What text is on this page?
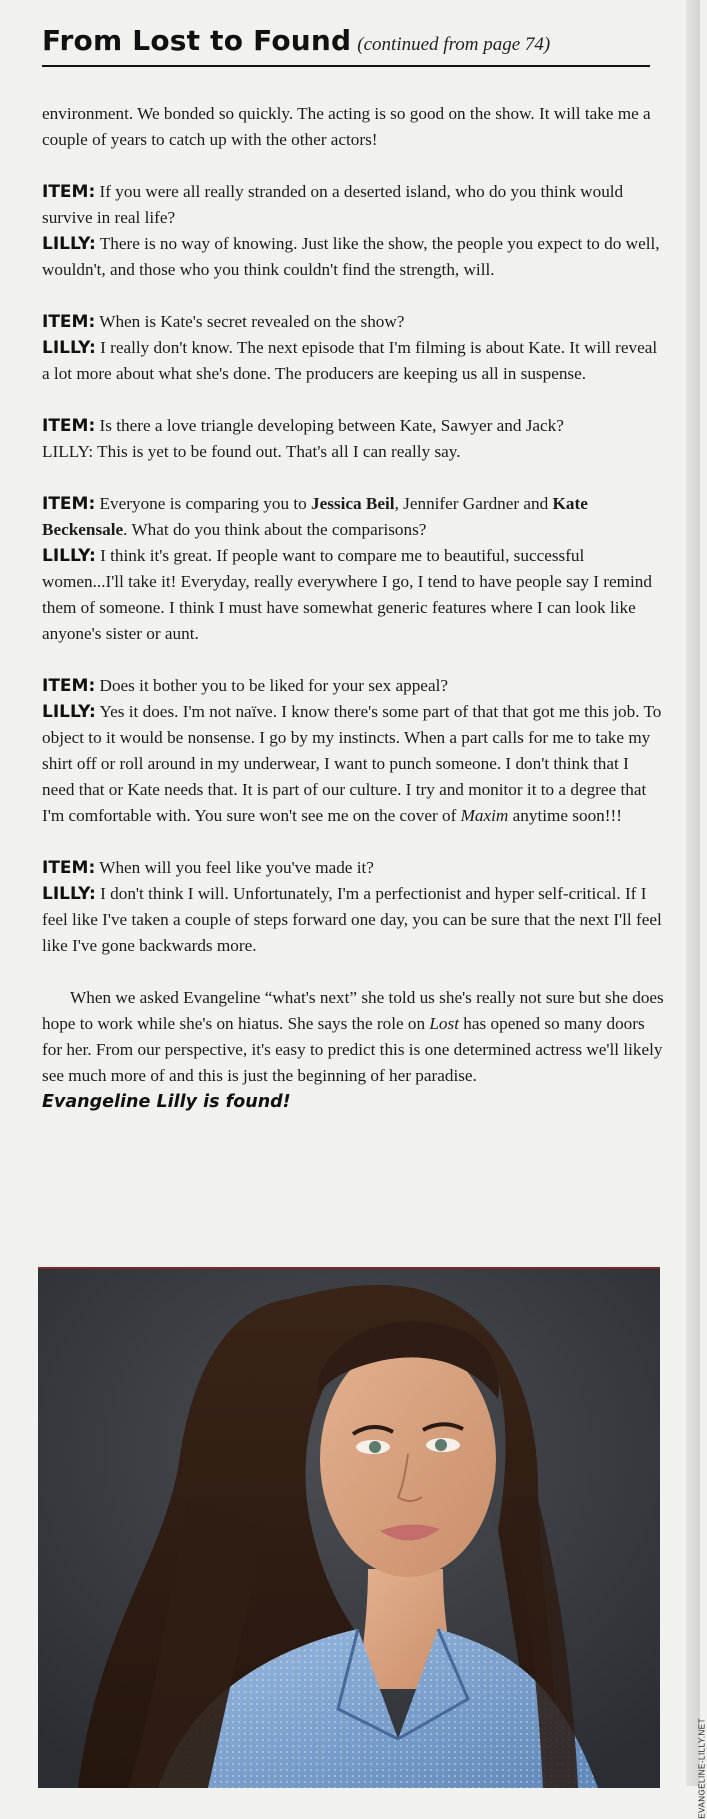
From Lost to Found (continued from page 74)

environment. We bonded so quickly. The acting is so good on the show. It will take me a couple of years to catch up with the other actors!

ITEM: If you were all really stranded on a deserted island, who do you think would survive in real life?

LILLY: There is no way of knowing. Just like the show, the people you expect to do well, wouldn't, and those who you think couldn't find the strength, will.

ITEM: When is Kate's secret revealed on the show?

LILLY: I really don't know. The next episode that I'm filming is about Kate. It will reveal a lot more about what she's done. The producers are keeping us all in suspense.

ITEM: Is there a love triangle developing between Kate, Sawyer and Jack?

LILLY: This is yet to be found out. That's all I can really say.

ITEM: Everyone is comparing you to Jessica Beil, Jennifer Gardner and Kate Beckensale. What do you think about the comparisons?

LILLY: I think it's great. If people want to compare me to beautiful, successful women...I'll take it! Everyday, really everywhere I go, I tend to have people say I remind them of someone. I think I must have somewhat generic features where I can look like anyone's sister or aunt.

ITEM: Does it bother you to be liked for your sex appeal?

LILLY: Yes it does. I'm not naïve. I know there's some part of that that got me this job. To object to it would be nonsense. I go by my instincts. When a part calls for me to take my shirt off or roll around in my underwear, I want to punch someone. I don't think that I need that or Kate needs that. It is part of our culture. I try and monitor it to a degree that I'm comfortable with. You sure won't see me on the cover of Maxim anytime soon!!!

ITEM: When will you feel like you've made it?

LILLY: I don't think I will. Unfortunately, I'm a perfectionist and hyper self-critical. If I feel like I've taken a couple of steps forward one day, you can be sure that the next I'll feel like I've gone backwards more.

When we asked Evangeline “what's next” she told us she's really not sure but she does hope to work while she's on hiatus. She says the role on Lost has opened so many doors for her. From our perspective, it's easy to predict this is one determined actress we'll likely see much more of and this is just the beginning of her paradise.

Evangeline Lilly is found!

EVANGELINE-LILLY.NET
